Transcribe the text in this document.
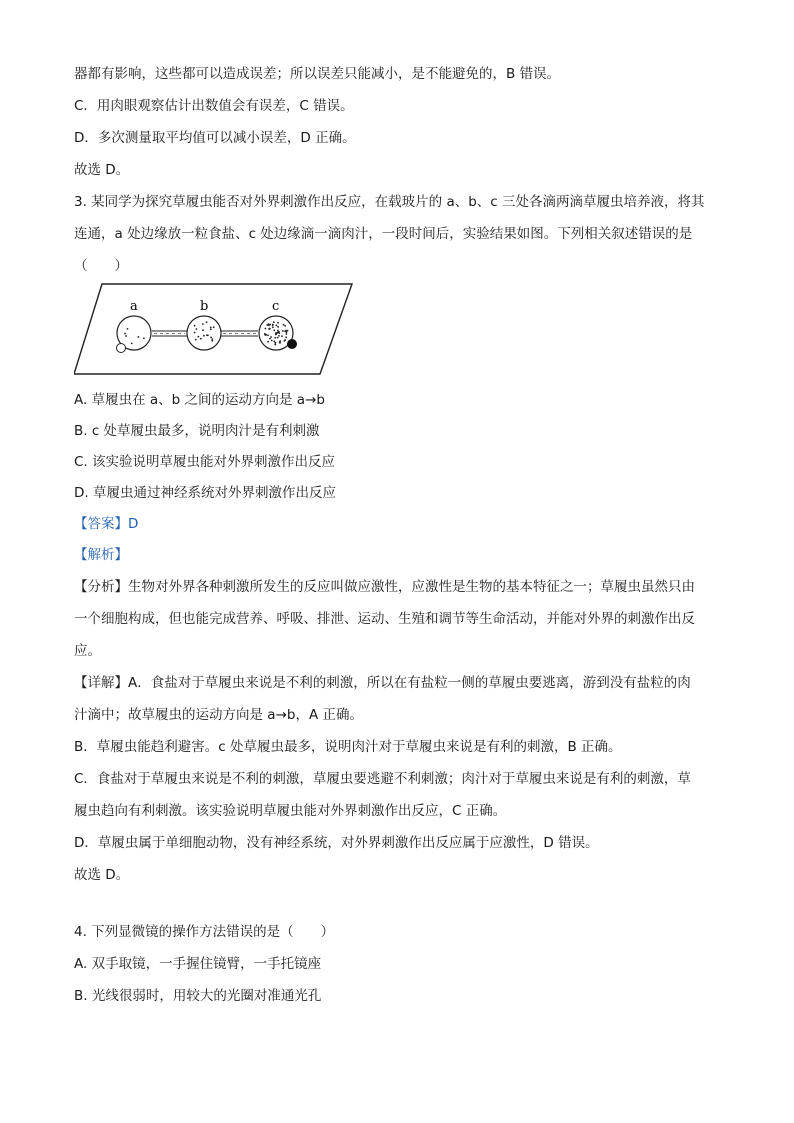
器都有影响，这些都可以造成误差；所以误差只能减小，是不能避免的，B 错误。
C．用肉眼观察估计出数值会有误差，C 错误。
D．多次测量取平均值可以减小误差，D 正确。
故选 D。
3. 某同学为探究草履虫能否对外界刺激作出反应，在载玻片的 a、b、c 三处各滴两滴草履虫培养液，将其
连通，a 处边缘放一粒食盐、c 处边缘滴一滴肉汁，一段时间后，实验结果如图。下列相关叙述错误的是
（　　）
A. 草履虫在 a、b 之间的运动方向是 a→b
B. c 处草履虫最多，说明肉汁是有利刺激
C. 该实验说明草履虫能对外界刺激作出反应
D. 草履虫通过神经系统对外界刺激作出反应
【答案】D
【解析】
【分析】生物对外界各种刺激所发生的反应叫做应激性，应激性是生物的基本特征之一；草履虫虽然只由
一个细胞构成，但也能完成营养、呼吸、排泄、运动、生殖和调节等生命活动，并能对外界的刺激作出反
应。
【详解】A．食盐对于草履虫来说是不利的刺激，所以在有盐粒一侧的草履虫要逃离，游到没有盐粒的肉
汁滴中；故草履虫的运动方向是 a→b，A 正确。
B．草履虫能趋利避害。c 处草履虫最多，说明肉汁对于草履虫来说是有利的刺激，B 正确。
C．食盐对于草履虫来说是不利的刺激，草履虫要逃避不利刺激；肉汁对于草履虫来说是有利的刺激，草
履虫趋向有利刺激。该实验说明草履虫能对外界刺激作出反应，C 正确。
D．草履虫属于单细胞动物，没有神经系统，对外界刺激作出反应属于应激性，D 错误。
故选 D。
4. 下列显微镜的操作方法错误的是（　　）
A. 双手取镜，一手握住镜臂，一手托镜座
B. 光线很弱时，用较大的光圈对准通光孔
a	b	c
